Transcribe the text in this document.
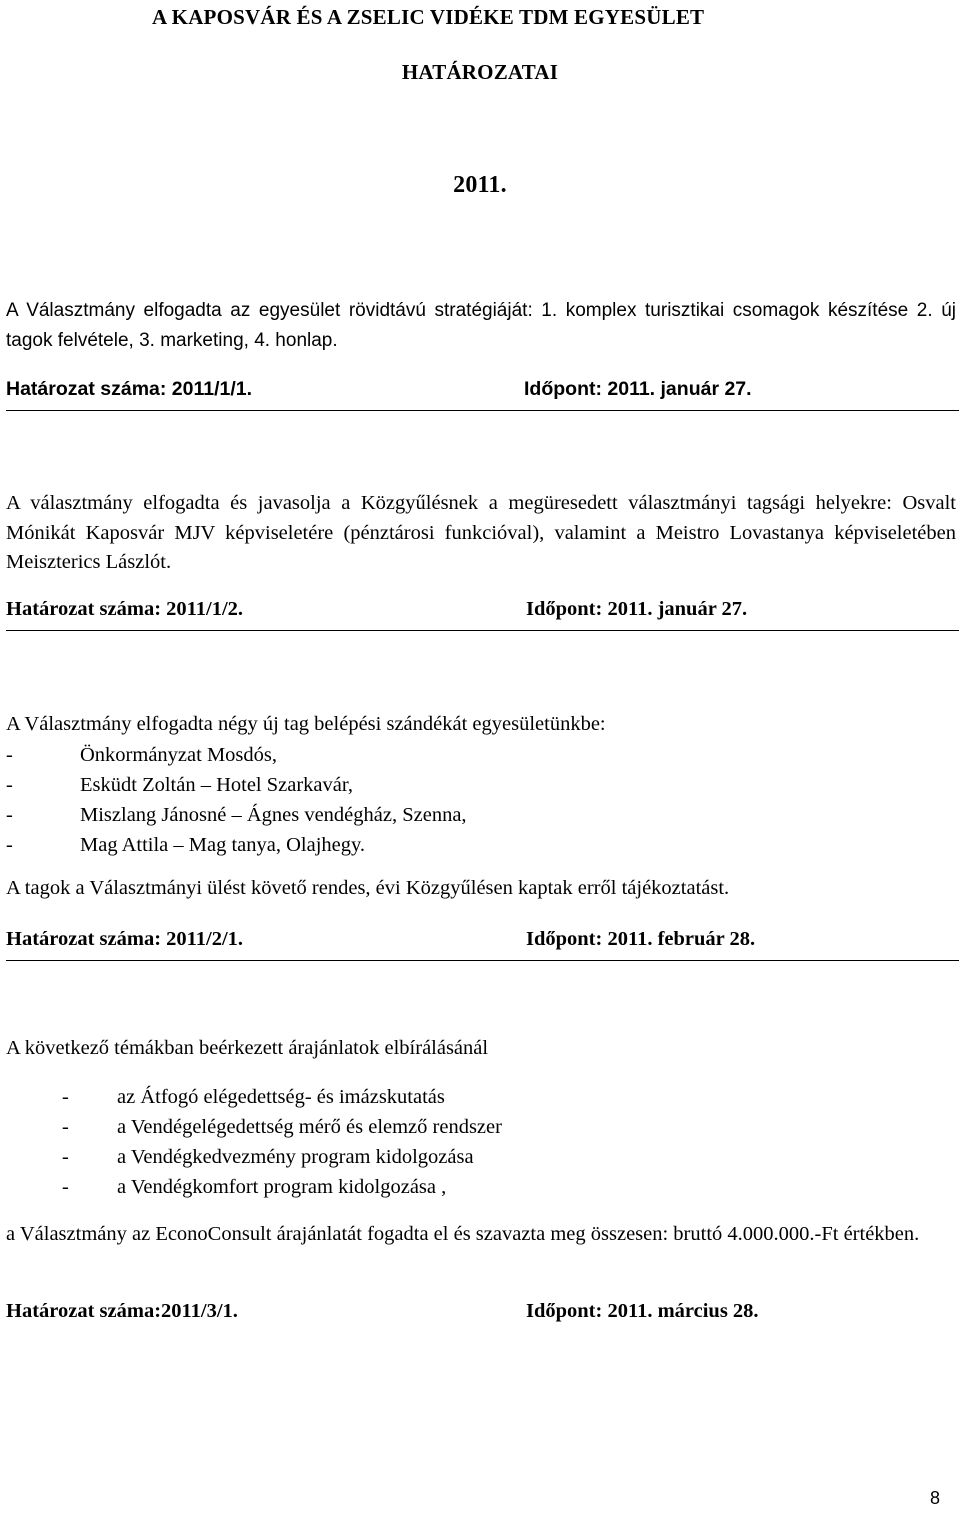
A KAPOSVÁR ÉS A ZSELIC VIDÉKE TDM EGYESÜLET
HATÁROZATAI
2011.
A Választmány elfogadta az egyesület rövidtávú stratégiáját: 1. komplex turisztikai csomagok készítése 2. új tagok felvétele, 3. marketing, 4. honlap.
Határozat száma: 2011/1/1.	Időpont: 2011. január 27.
A választmány elfogadta és javasolja a Közgyűlésnek a megüresedett választmányi tagsági helyekre: Osvalt Mónikát Kaposvár MJV képviseletére (pénztárosi funkcióval), valamint a Meistro Lovastanya képviseletében Meiszterics Lászlót.
Határozat száma: 2011/1/2.	Időpont: 2011. január 27.
A Választmány elfogadta négy új tag belépési szándékát egyesületünkbe:
-	Önkormányzat Mosdós,
-	Esküdt Zoltán – Hotel Szarkavár,
-	Miszlang Jánosné – Ágnes vendégház, Szenna,
-	Mag Attila – Mag tanya, Olajhegy.
A tagok a Választmányi ülést követő rendes, évi Közgyűlésen kaptak erről tájékoztatást.
Határozat száma: 2011/2/1.	Időpont: 2011. február 28.
A következő témákban beérkezett árajánlatok elbírálásánál
- az Átfogó elégedettség- és imázskutatás
- a Vendégelégedettség mérő és elemző rendszer
- a Vendégkedvezmény program kidolgozása
- a Vendégkomfort program kidolgozása ,
a Választmány az EconoConsult árajánlatát fogadta el és szavazta meg összesen: bruttó 4.000.000.-Ft értékben.
Határozat száma:2011/3/1.	Időpont: 2011. március 28.
8
